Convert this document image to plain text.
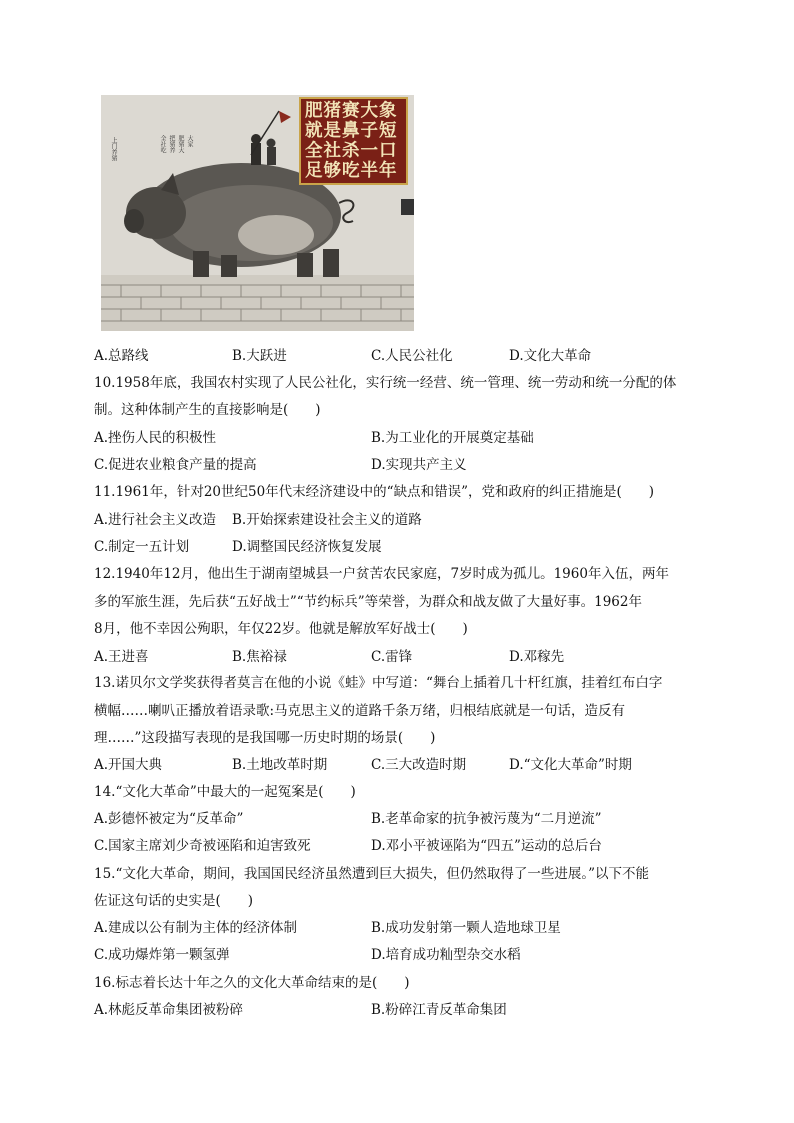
上门养猪	大家
肥猪大
把猪养
全社吃
肥猪赛大象
就是鼻子短
全社杀一口
足够吃半年
A.总路线	B.大跃进	C.人民公社化	D.文化大革命
10.1958年底，我国农村实现了人民公社化，实行统一经营、统一管理、统一劳动和统一分配的体
制。这种体制产生的直接影响是(　　)
A.挫伤人民的积极性	B.为工业化的开展奠定基础
C.促进农业粮食产量的提高	D.实现共产主义
11.1961年，针对20世纪50年代末经济建设中的“缺点和错误”，党和政府的纠正措施是(　　)
A.进行社会主义改造 B.开始探索建设社会主义的道路
C.制定一五计划	D.调整国民经济恢复发展
12.1940年12月，他出生于湖南望城县一户贫苦农民家庭，7岁时成为孤儿。1960年入伍，两年
多的军旅生涯，先后获“五好战士”“节约标兵”等荣誉，为群众和战友做了大量好事。1962年
8月，他不幸因公殉职，年仅22岁。他就是解放军好战士(　　)
A.王进喜	B.焦裕禄	C.雷锋	D.邓稼先
13.诺贝尔文学奖获得者莫言在他的小说《蛙》中写道：“舞台上插着几十杆红旗，挂着红布白字
横幅……喇叭正播放着语录歌:马克思主义的道路千条万绪，归根结底就是一句话，造反有
理……”这段描写表现的是我国哪一历史时期的场景(　　)
A.开国大典	B.土地改革时期	C.三大改造时期	D.“文化大革命”时期
14.“文化大革命”中最大的一起冤案是(　　)
A.彭德怀被定为“反革命”	B.老革命家的抗争被污蔑为“二月逆流”
C.国家主席刘少奇被诬陷和迫害致死	D.邓小平被诬陷为“四五”运动的总后台
15.“文化大革命，期间，我国国民经济虽然遭到巨大损失，但仍然取得了一些进展。”以下不能
佐证这句话的史实是(　　)
A.建成以公有制为主体的经济体制	B.成功发射第一颗人造地球卫星
C.成功爆炸第一颗氢弹	D.培育成功籼型杂交水稻
16.标志着长达十年之久的文化大革命结束的是(　　)
A.林彪反革命集团被粉碎	B.粉碎江青反革命集团
